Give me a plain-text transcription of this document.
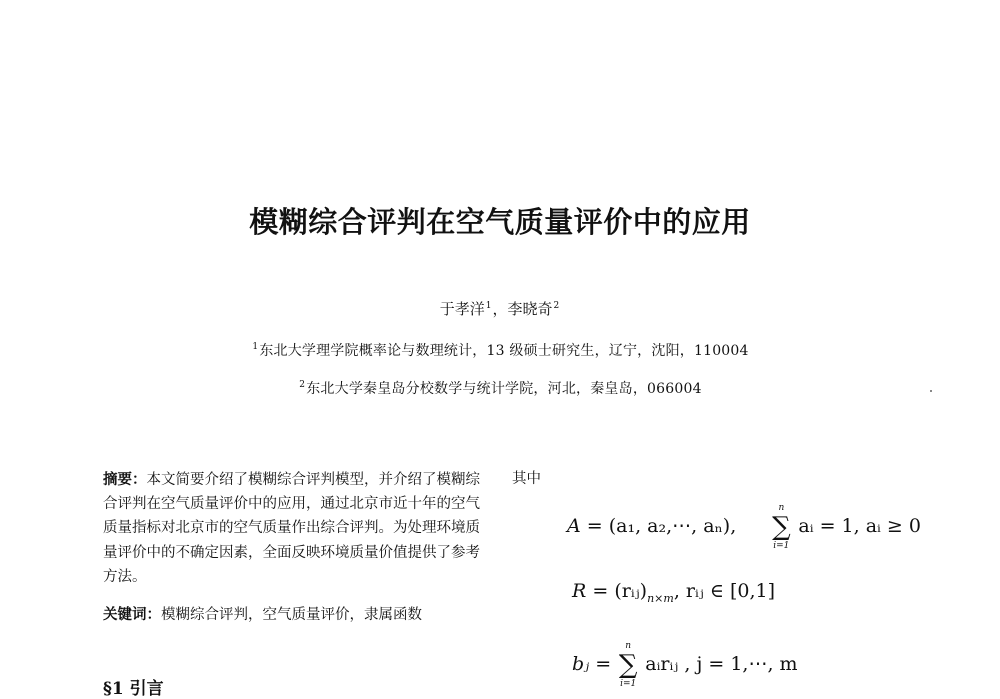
模糊综合评判在空气质量评价中的应用
于孝洋$^1$，李晓奇$^2$
$^1$东北大学理学院概率论与数理统计，13 级硕士研究生，辽宁，沈阳，110004
$^2$东北大学秦皇岛分校数学与统计学院，河北，秦皇岛，066004

摘要：本文简要介绍了模糊综合评判模型，并介绍了模糊综合评判在空气质量评价中的应用，通过北京市近十年的空气质量指标对北京市的空气质量作出综合评判。为处理环境质量评价中的不确定因素，全面反映环境质量价值提供了参考方法。

关键词：模糊综合评判，空气质量评价，隶属函数

§1 引言
其中
A = (a₁, a₂,⋯, aₙ), ∑
n
i=1
aᵢ = 1, aᵢ ≥ 0
$R = (rᵢⱼ)_{n\times m}$, rᵢⱼ ∈ [0,1]
bⱼ = ∑
n
i=1
aᵢrᵢⱼ , j = 1,⋯, m
